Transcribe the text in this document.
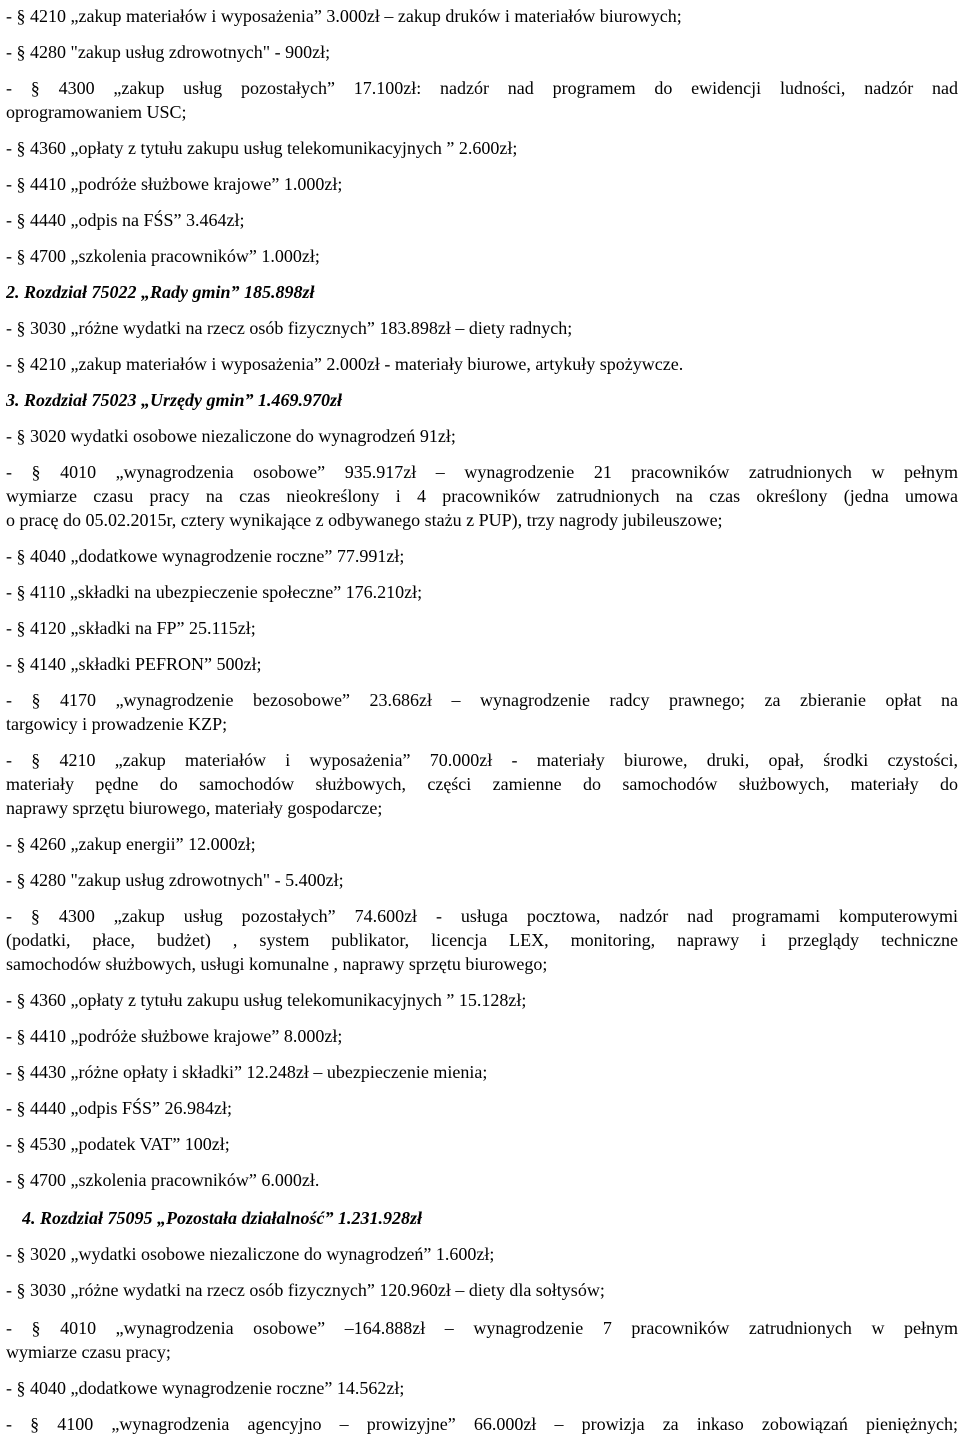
- § 4210 „zakup materiałów i wyposażenia” 3.000zł – zakup druków i materiałów biurowych;
- § 4280 "zakup usług zdrowotnych" - 900zł;
- § 4300 „zakup usług pozostałych” 17.100zł: nadzór nad programem do ewidencji ludności, nadzór nad
oprogramowaniem USC;
- § 4360 „opłaty z tytułu zakupu usług telekomunikacyjnych ” 2.600zł;
- § 4410 „podróże służbowe krajowe” 1.000zł;
- § 4440 „odpis na FŚS” 3.464zł;
- § 4700 „szkolenia pracowników” 1.000zł;
2. Rozdział 75022 „Rady gmin” 185.898zł
- § 3030 „różne wydatki na rzecz osób fizycznych” 183.898zł – diety radnych;
- § 4210 „zakup materiałów i wyposażenia” 2.000zł - materiały biurowe, artykuły spożywcze.
3. Rozdział 75023 „Urzędy gmin” 1.469.970zł
- § 3020 wydatki osobowe niezaliczone do wynagrodzeń 91zł;
- § 4010 „wynagrodzenia osobowe” 935.917zł – wynagrodzenie 21 pracowników zatrudnionych w pełnym
wymiarze czasu pracy na czas nieokreślony i 4 pracowników zatrudnionych na czas określony (jedna umowa
o pracę do 05.02.2015r, cztery wynikające z odbywanego stażu z PUP), trzy nagrody jubileuszowe;
- § 4040 „dodatkowe wynagrodzenie roczne” 77.991zł;
- § 4110 „składki na ubezpieczenie społeczne” 176.210zł;
- § 4120 „składki na FP” 25.115zł;
- § 4140 „składki PEFRON” 500zł;
- § 4170 „wynagrodzenie bezosobowe” 23.686zł – wynagrodzenie radcy prawnego; za zbieranie opłat na
targowicy i prowadzenie KZP;
- § 4210 „zakup materiałów i wyposażenia” 70.000zł - materiały biurowe, druki, opał, środki czystości,
materiały pędne do samochodów służbowych, części zamienne do samochodów służbowych, materiały do
naprawy sprzętu biurowego, materiały gospodarcze;
- § 4260 „zakup energii” 12.000zł;
- § 4280 "zakup usług zdrowotnych" - 5.400zł;
- § 4300 „zakup usług pozostałych” 74.600zł - usługa pocztowa, nadzór nad programami komputerowymi
(podatki, płace, budżet) , system publikator, licencja LEX, monitoring, naprawy i przeglądy techniczne
samochodów służbowych, usługi komunalne , naprawy sprzętu biurowego;
- § 4360 „opłaty z tytułu zakupu usług telekomunikacyjnych ” 15.128zł;
- § 4410 „podróże służbowe krajowe” 8.000zł;
- § 4430 „różne opłaty i składki” 12.248zł – ubezpieczenie mienia;
- § 4440 „odpis FŚS” 26.984zł;
- § 4530 „podatek VAT” 100zł;
- § 4700 „szkolenia pracowników” 6.000zł.
4. Rozdział 75095 „Pozostała działalność” 1.231.928zł
- § 3020 „wydatki osobowe niezaliczone do wynagrodzeń” 1.600zł;
- § 3030 „różne wydatki na rzecz osób fizycznych” 120.960zł – diety dla sołtysów;
- § 4010 „wynagrodzenia osobowe” –164.888zł – wynagrodzenie 7 pracowników zatrudnionych w pełnym
wymiarze czasu pracy;
- § 4040 „dodatkowe wynagrodzenie roczne” 14.562zł;
- § 4100 „wynagrodzenia agencyjno – prowizyjne” 66.000zł – prowizja za inkaso zobowiązań pieniężnych;
